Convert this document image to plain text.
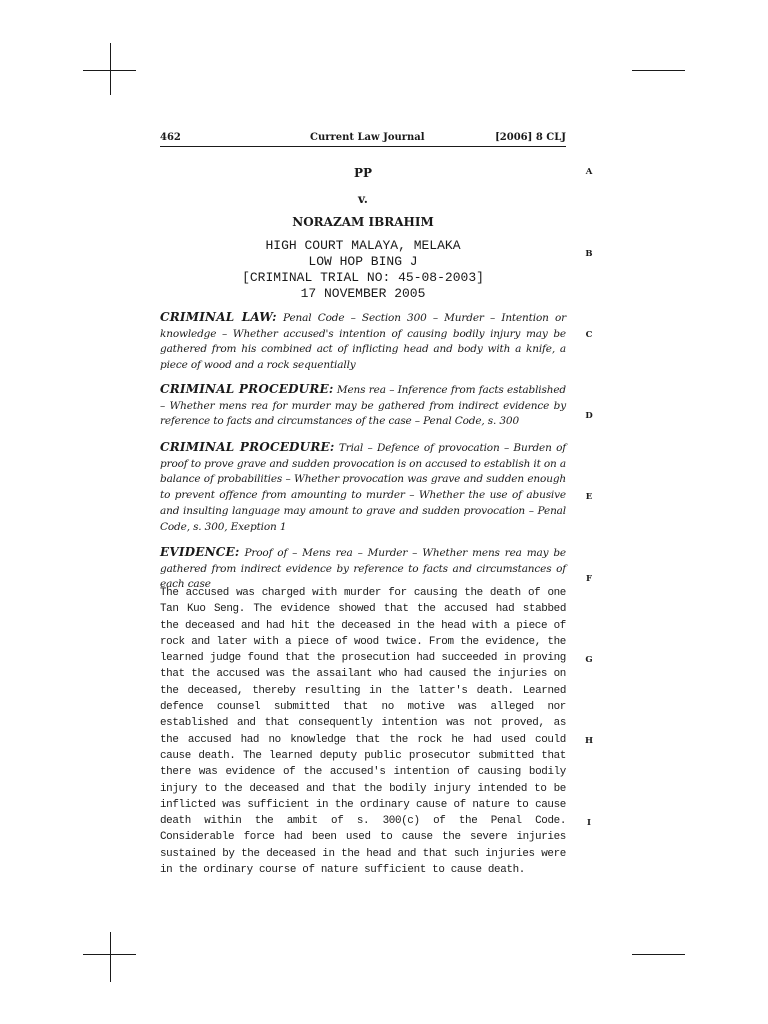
462	Current Law Journal	[2006] 8 CLJ
PP
v.
NORAZAM IBRAHIM
HIGH COURT MALAYA, MELAKA
LOW HOP BING J
[CRIMINAL TRIAL NO: 45-08-2003]
17 NOVEMBER 2005
CRIMINAL LAW: Penal Code – Section 300 – Murder – Intention or knowledge – Whether accused's intention of causing bodily injury may be gathered from his combined act of inflicting head and body with a knife, a piece of wood and a rock sequentially
CRIMINAL PROCEDURE: Mens rea – Inference from facts established – Whether mens rea for murder may be gathered from indirect evidence by reference to facts and circumstances of the case – Penal Code, s. 300
CRIMINAL PROCEDURE: Trial – Defence of provocation – Burden of proof to prove grave and sudden provocation is on accused to establish it on a balance of probabilities – Whether provocation was grave and sudden enough to prevent offence from amounting to murder – Whether the use of abusive and insulting language may amount to grave and sudden provocation – Penal Code, s. 300, Exeption 1
EVIDENCE: Proof of – Mens rea – Murder – Whether mens rea may be gathered from indirect evidence by reference to facts and circumstances of each case
The accused was charged with murder for causing the death of one Tan Kuo Seng. The evidence showed that the accused had stabbed the deceased and had hit the deceased in the head with a piece of rock and later with a piece of wood twice. From the evidence, the learned judge found that the prosecution had succeeded in proving that the accused was the assailant who had caused the injuries on the deceased, thereby resulting in the latter's death. Learned defence counsel submitted that no motive was alleged nor established and that consequently intention was not proved, as the accused had no knowledge that the rock he had used could cause death. The learned deputy public prosecutor submitted that there was evidence of the accused's intention of causing bodily injury to the deceased and that the bodily injury intended to be inflicted was sufficient in the ordinary cause of nature to cause death within the ambit of s. 300(c) of the Penal Code. Considerable force had been used to cause the severe injuries sustained by the deceased in the head and that such injuries were in the ordinary course of nature sufficient to cause death.
A
B
C
D
E
F
G
H
I
